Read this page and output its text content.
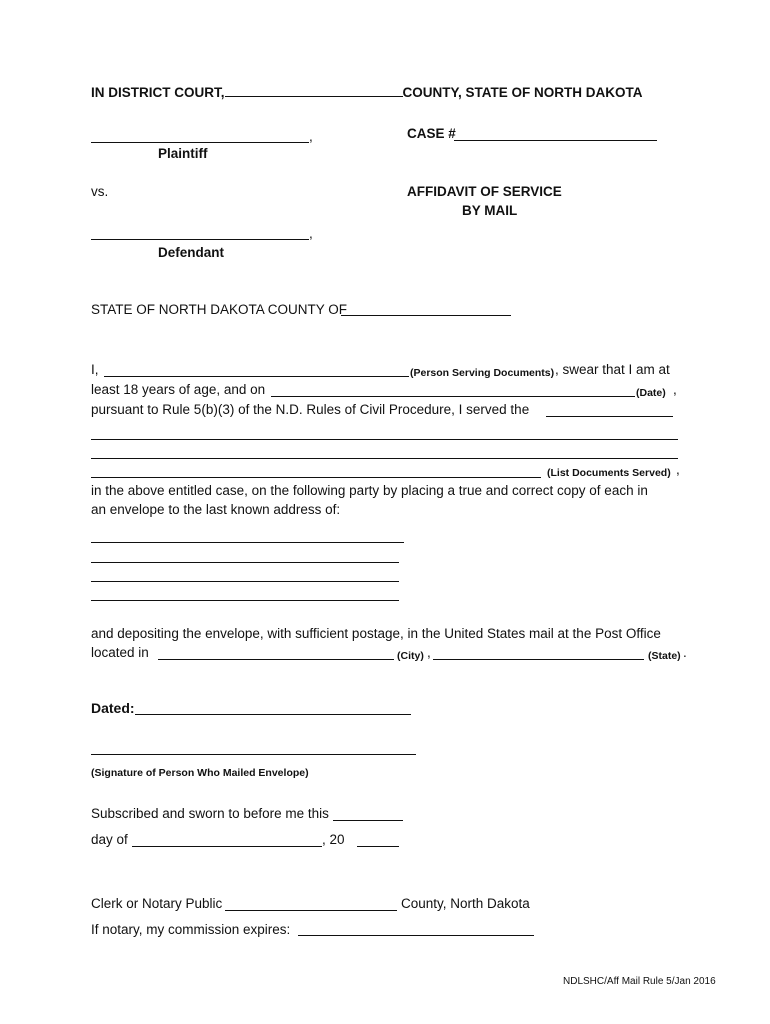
IN DISTRICT COURT,	COUNTY, STATE OF NORTH DAKOTA
,
Plaintiff
CASE #
vs.	AFFIDAVIT OF SERVICE
BY MAIL
,
Defendant
STATE OF NORTH DAKOTA COUNTY OF
I,	(Person Serving Documents) , swear that I am at
least 18 years of age, and on	(Date) ,
pursuant to Rule 5(b)(3) of the N.D. Rules of Civil Procedure, I served the
(List Documents Served) ,
in the above entitled case, on the following party by placing a true and correct copy of each in
an envelope to the last known address of:
and depositing the envelope, with sufficient postage, in the United States mail at the Post Office
located in	(City) ,	(State) .
Dated:
(Signature of Person Who Mailed Envelope)
Subscribed and sworn to before me this
day of	, 20
Clerk or Notary Public	County, North Dakota
If notary, my commission expires:
NDLSHC/Aff Mail Rule 5/Jan 2016
